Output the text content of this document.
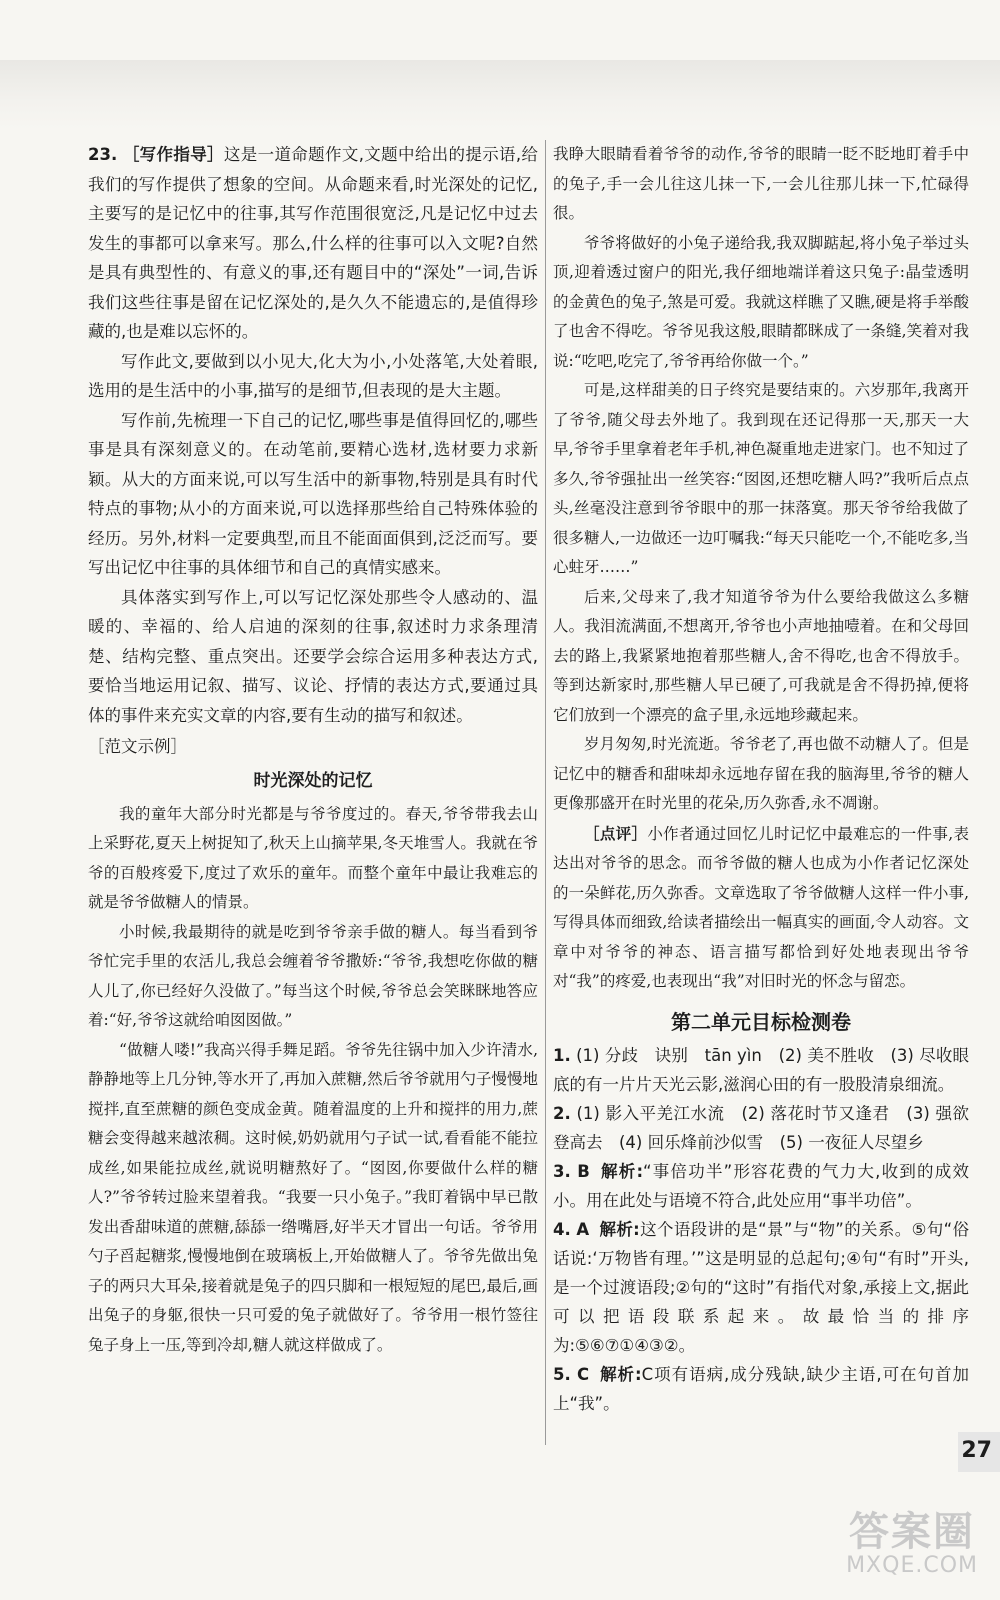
23. ［写作指导］这是一道命题作文,文题中给出的提示语,给我们的写作提供了想象的空间。从命题来看,时光深处的记忆,主要写的是记忆中的往事,其写作范围很宽泛,凡是记忆中过去发生的事都可以拿来写。那么,什么样的往事可以入文呢?自然是具有典型性的、有意义的事,还有题目中的“深处”一词,告诉我们这些往事是留在记忆深处的,是久久不能遗忘的,是值得珍藏的,也是难以忘怀的。

写作此文,要做到以小见大,化大为小,小处落笔,大处着眼,选用的是生活中的小事,描写的是细节,但表现的是大主题。

写作前,先梳理一下自己的记忆,哪些事是值得回忆的,哪些事是具有深刻意义的。在动笔前,要精心选材,选材要力求新颖。从大的方面来说,可以写生活中的新事物,特别是具有时代特点的事物;从小的方面来说,可以选择那些给自己特殊体验的经历。另外,材料一定要典型,而且不能面面俱到,泛泛而写。要写出记忆中往事的具体细节和自己的真情实感来。

具体落实到写作上,可以写记忆深处那些令人感动的、温暖的、幸福的、给人启迪的深刻的往事,叙述时力求条理清楚、结构完整、重点突出。还要学会综合运用多种表达方式,要恰当地运用记叙、描写、议论、抒情的表达方式,要通过具体的事件来充实文章的内容,要有生动的描写和叙述。

［范文示例］

时光深处的记忆

我的童年大部分时光都是与爷爷度过的。春天,爷爷带我去山上采野花,夏天上树捉知了,秋天上山摘苹果,冬天堆雪人。我就在爷爷的百般疼爱下,度过了欢乐的童年。而整个童年中最让我难忘的就是爷爷做糖人的情景。

小时候,我最期待的就是吃到爷爷亲手做的糖人。每当看到爷爷忙完手里的农活儿,我总会缠着爷爷撒娇:“爷爷,我想吃你做的糖人儿了,你已经好久没做了。”每当这个时候,爷爷总会笑眯眯地答应着:“好,爷爷这就给咱囡囡做。”

“做糖人喽!”我高兴得手舞足蹈。爷爷先往锅中加入少许清水,静静地等上几分钟,等水开了,再加入蔗糖,然后爷爷就用勺子慢慢地搅拌,直至蔗糖的颜色变成金黄。随着温度的上升和搅拌的用力,蔗糖会变得越来越浓稠。这时候,奶奶就用勺子试一试,看看能不能拉成丝,如果能拉成丝,就说明糖熬好了。“囡囡,你要做什么样的糖人?”爷爷转过脸来望着我。“我要一只小兔子。”我盯着锅中早已散发出香甜味道的蔗糖,舔舔一绺嘴唇,好半天才冒出一句话。爷爷用勺子舀起糖浆,慢慢地倒在玻璃板上,开始做糖人了。爷爷先做出兔子的两只大耳朵,接着就是兔子的四只脚和一根短短的尾巴,最后,画出兔子的身躯,很快一只可爱的兔子就做好了。爷爷用一根竹签往兔子身上一压,等到冷却,糖人就这样做成了。

我睁大眼睛看着爷爷的动作,爷爷的眼睛一眨不眨地盯着手中的兔子,手一会儿往这儿抹一下,一会儿往那儿抹一下,忙碌得很。

爷爷将做好的小兔子递给我,我双脚踮起,将小兔子举过头顶,迎着透过窗户的阳光,我仔细地端详着这只兔子:晶莹透明的金黄色的兔子,煞是可爱。我就这样瞧了又瞧,硬是将手举酸了也舍不得吃。爷爷见我这般,眼睛都眯成了一条缝,笑着对我说:“吃吧,吃完了,爷爷再给你做一个。”

可是,这样甜美的日子终究是要结束的。六岁那年,我离开了爷爷,随父母去外地了。我到现在还记得那一天,那天一大早,爷爷手里拿着老年手机,神色凝重地走进家门。也不知过了多久,爷爷强扯出一丝笑容:“囡囡,还想吃糖人吗?”我听后点点头,丝毫没注意到爷爷眼中的那一抹落寞。那天爷爷给我做了很多糖人,一边做还一边叮嘱我:“每天只能吃一个,不能吃多,当心蛀牙……”

后来,父母来了,我才知道爷爷为什么要给我做这么多糖人。我泪流满面,不想离开,爷爷也小声地抽噎着。在和父母回去的路上,我紧紧地抱着那些糖人,舍不得吃,也舍不得放手。等到达新家时,那些糖人早已硬了,可我就是舍不得扔掉,便将它们放到一个漂亮的盒子里,永远地珍藏起来。

岁月匆匆,时光流逝。爷爷老了,再也做不动糖人了。但是记忆中的糖香和甜味却永远地存留在我的脑海里,爷爷的糖人更像那盛开在时光里的花朵,历久弥香,永不凋谢。

［点评］小作者通过回忆儿时记忆中最难忘的一件事,表达出对爷爷的思念。而爷爷做的糖人也成为小作者记忆深处的一朵鲜花,历久弥香。文章选取了爷爷做糖人这样一件小事,写得具体而细致,给读者描绘出一幅真实的画面,令人动容。文章中对爷爷的神态、语言描写都恰到好处地表现出爷爷对“我”的疼爱,也表现出“我”对旧时光的怀念与留恋。

第二单元目标检测卷

1. (1) 分歧　诀别　tān yìn　(2) 美不胜收　(3) 尽收眼底的有一片片天光云影,滋润心田的有一股股清泉细流。

2. (1) 影入平羌江水流　(2) 落花时节又逢君　(3) 强欲登高去　(4) 回乐烽前沙似雪　(5) 一夜征人尽望乡

3. B 解析:“事倍功半”形容花费的气力大,收到的成效小。用在此处与语境不符合,此处应用“事半功倍”。

4. A 解析:这个语段讲的是“景”与“物”的关系。⑤句“俗话说:‘万物皆有理。’”这是明显的总起句;④句“有时”开头,是一个过渡语段;②句的“这时”有指代对象,承接上文,据此可以把语段联系起来。故最恰当的排序为:⑤⑥⑦①④③②。

5. C 解析:C项有语病,成分残缺,缺少主语,可在句首加上“我”。

27
答案圈
MXQE.COM
